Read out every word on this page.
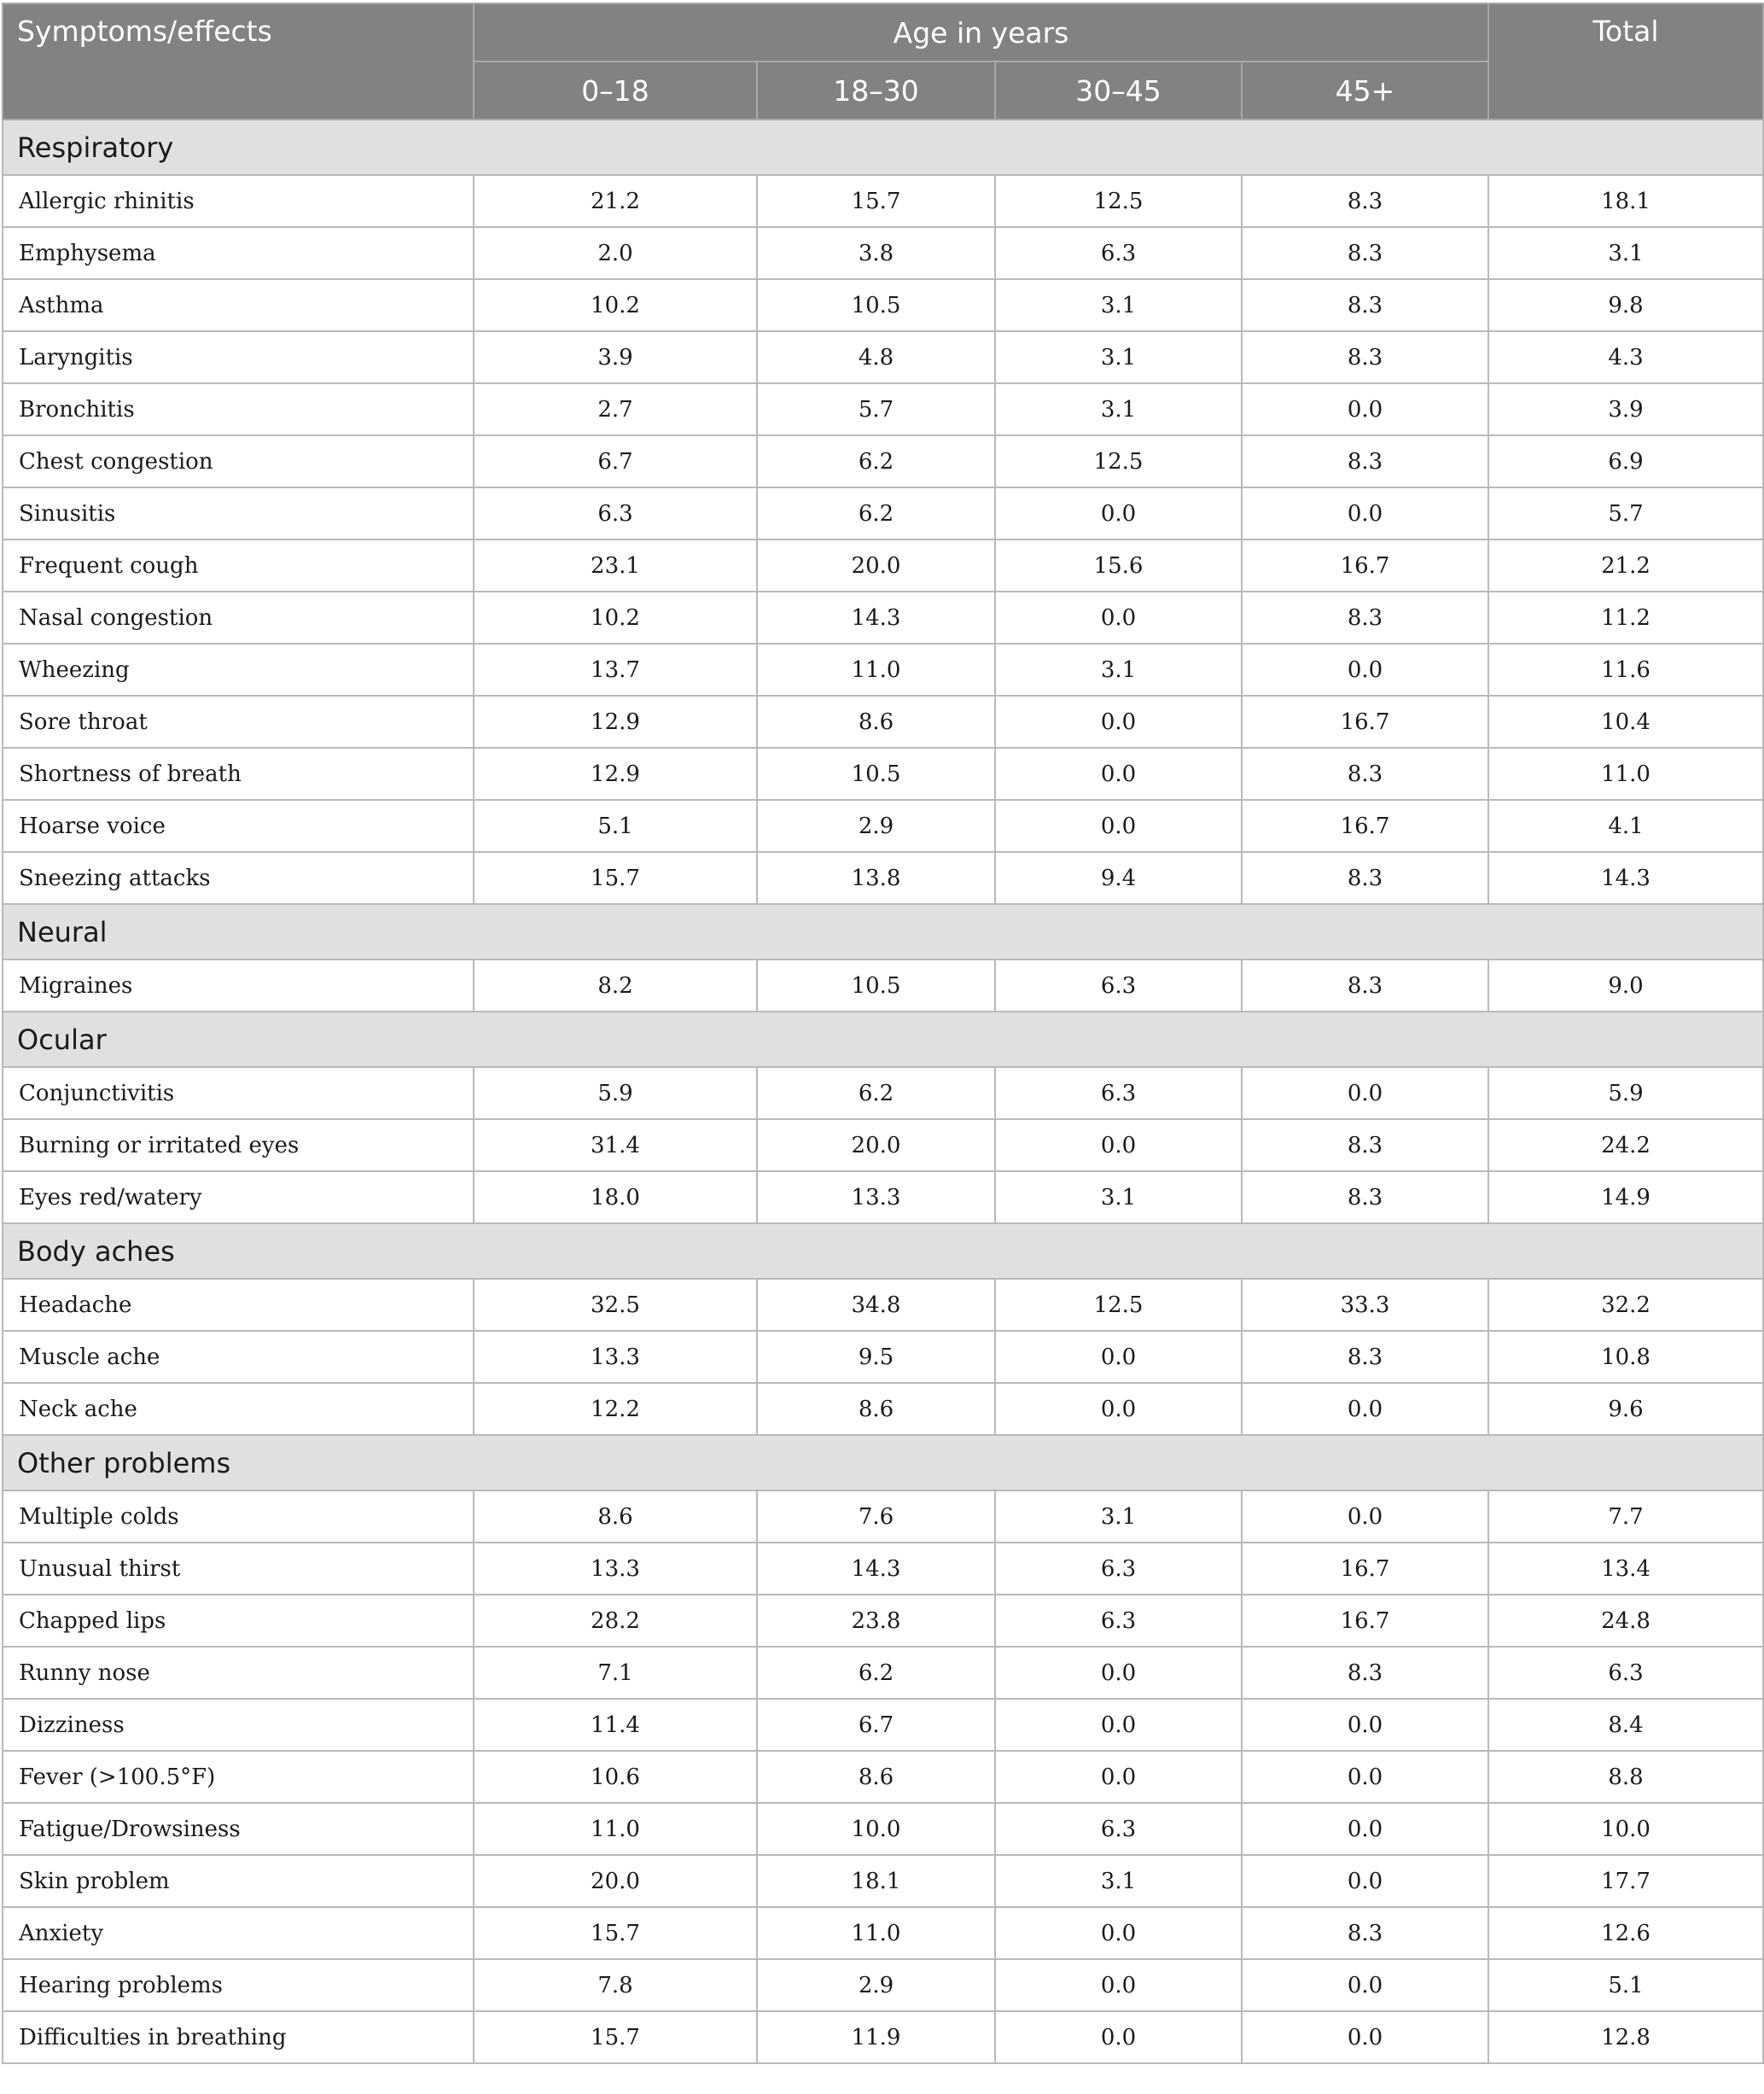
Symptoms/effects	Age in years				Total
	0–18	18–30	30–45	45+	
Respiratory					
Allergic rhinitis	21.2	15.7	12.5	8.3	18.1
Emphysema	2.0	3.8	6.3	8.3	3.1
Asthma	10.2	10.5	3.1	8.3	9.8
Laryngitis	3.9	4.8	3.1	8.3	4.3
Bronchitis	2.7	5.7	3.1	0.0	3.9
Chest congestion	6.7	6.2	12.5	8.3	6.9
Sinusitis	6.3	6.2	0.0	0.0	5.7
Frequent cough	23.1	20.0	15.6	16.7	21.2
Nasal congestion	10.2	14.3	0.0	8.3	11.2
Wheezing	13.7	11.0	3.1	0.0	11.6
Sore throat	12.9	8.6	0.0	16.7	10.4
Shortness of breath	12.9	10.5	0.0	8.3	11.0
Hoarse voice	5.1	2.9	0.0	16.7	4.1
Sneezing attacks	15.7	13.8	9.4	8.3	14.3
Neural					
Migraines	8.2	10.5	6.3	8.3	9.0
Ocular					
Conjunctivitis	5.9	6.2	6.3	0.0	5.9
Burning or irritated eyes	31.4	20.0	0.0	8.3	24.2
Eyes red/watery	18.0	13.3	3.1	8.3	14.9
Body aches					
Headache	32.5	34.8	12.5	33.3	32.2
Muscle ache	13.3	9.5	0.0	8.3	10.8
Neck ache	12.2	8.6	0.0	0.0	9.6
Other problems					
Multiple colds	8.6	7.6	3.1	0.0	7.7
Unusual thirst	13.3	14.3	6.3	16.7	13.4
Chapped lips	28.2	23.8	6.3	16.7	24.8
Runny nose	7.1	6.2	0.0	8.3	6.3
Dizziness	11.4	6.7	0.0	0.0	8.4
Fever (>100.5°F)	10.6	8.6	0.0	0.0	8.8
Fatigue/Drowsiness	11.0	10.0	6.3	0.0	10.0
Skin problem	20.0	18.1	3.1	0.0	17.7
Anxiety	15.7	11.0	0.0	8.3	12.6
Hearing problems	7.8	2.9	0.0	0.0	5.1
Difficulties in breathing	15.7	11.9	0.0	0.0	12.8
